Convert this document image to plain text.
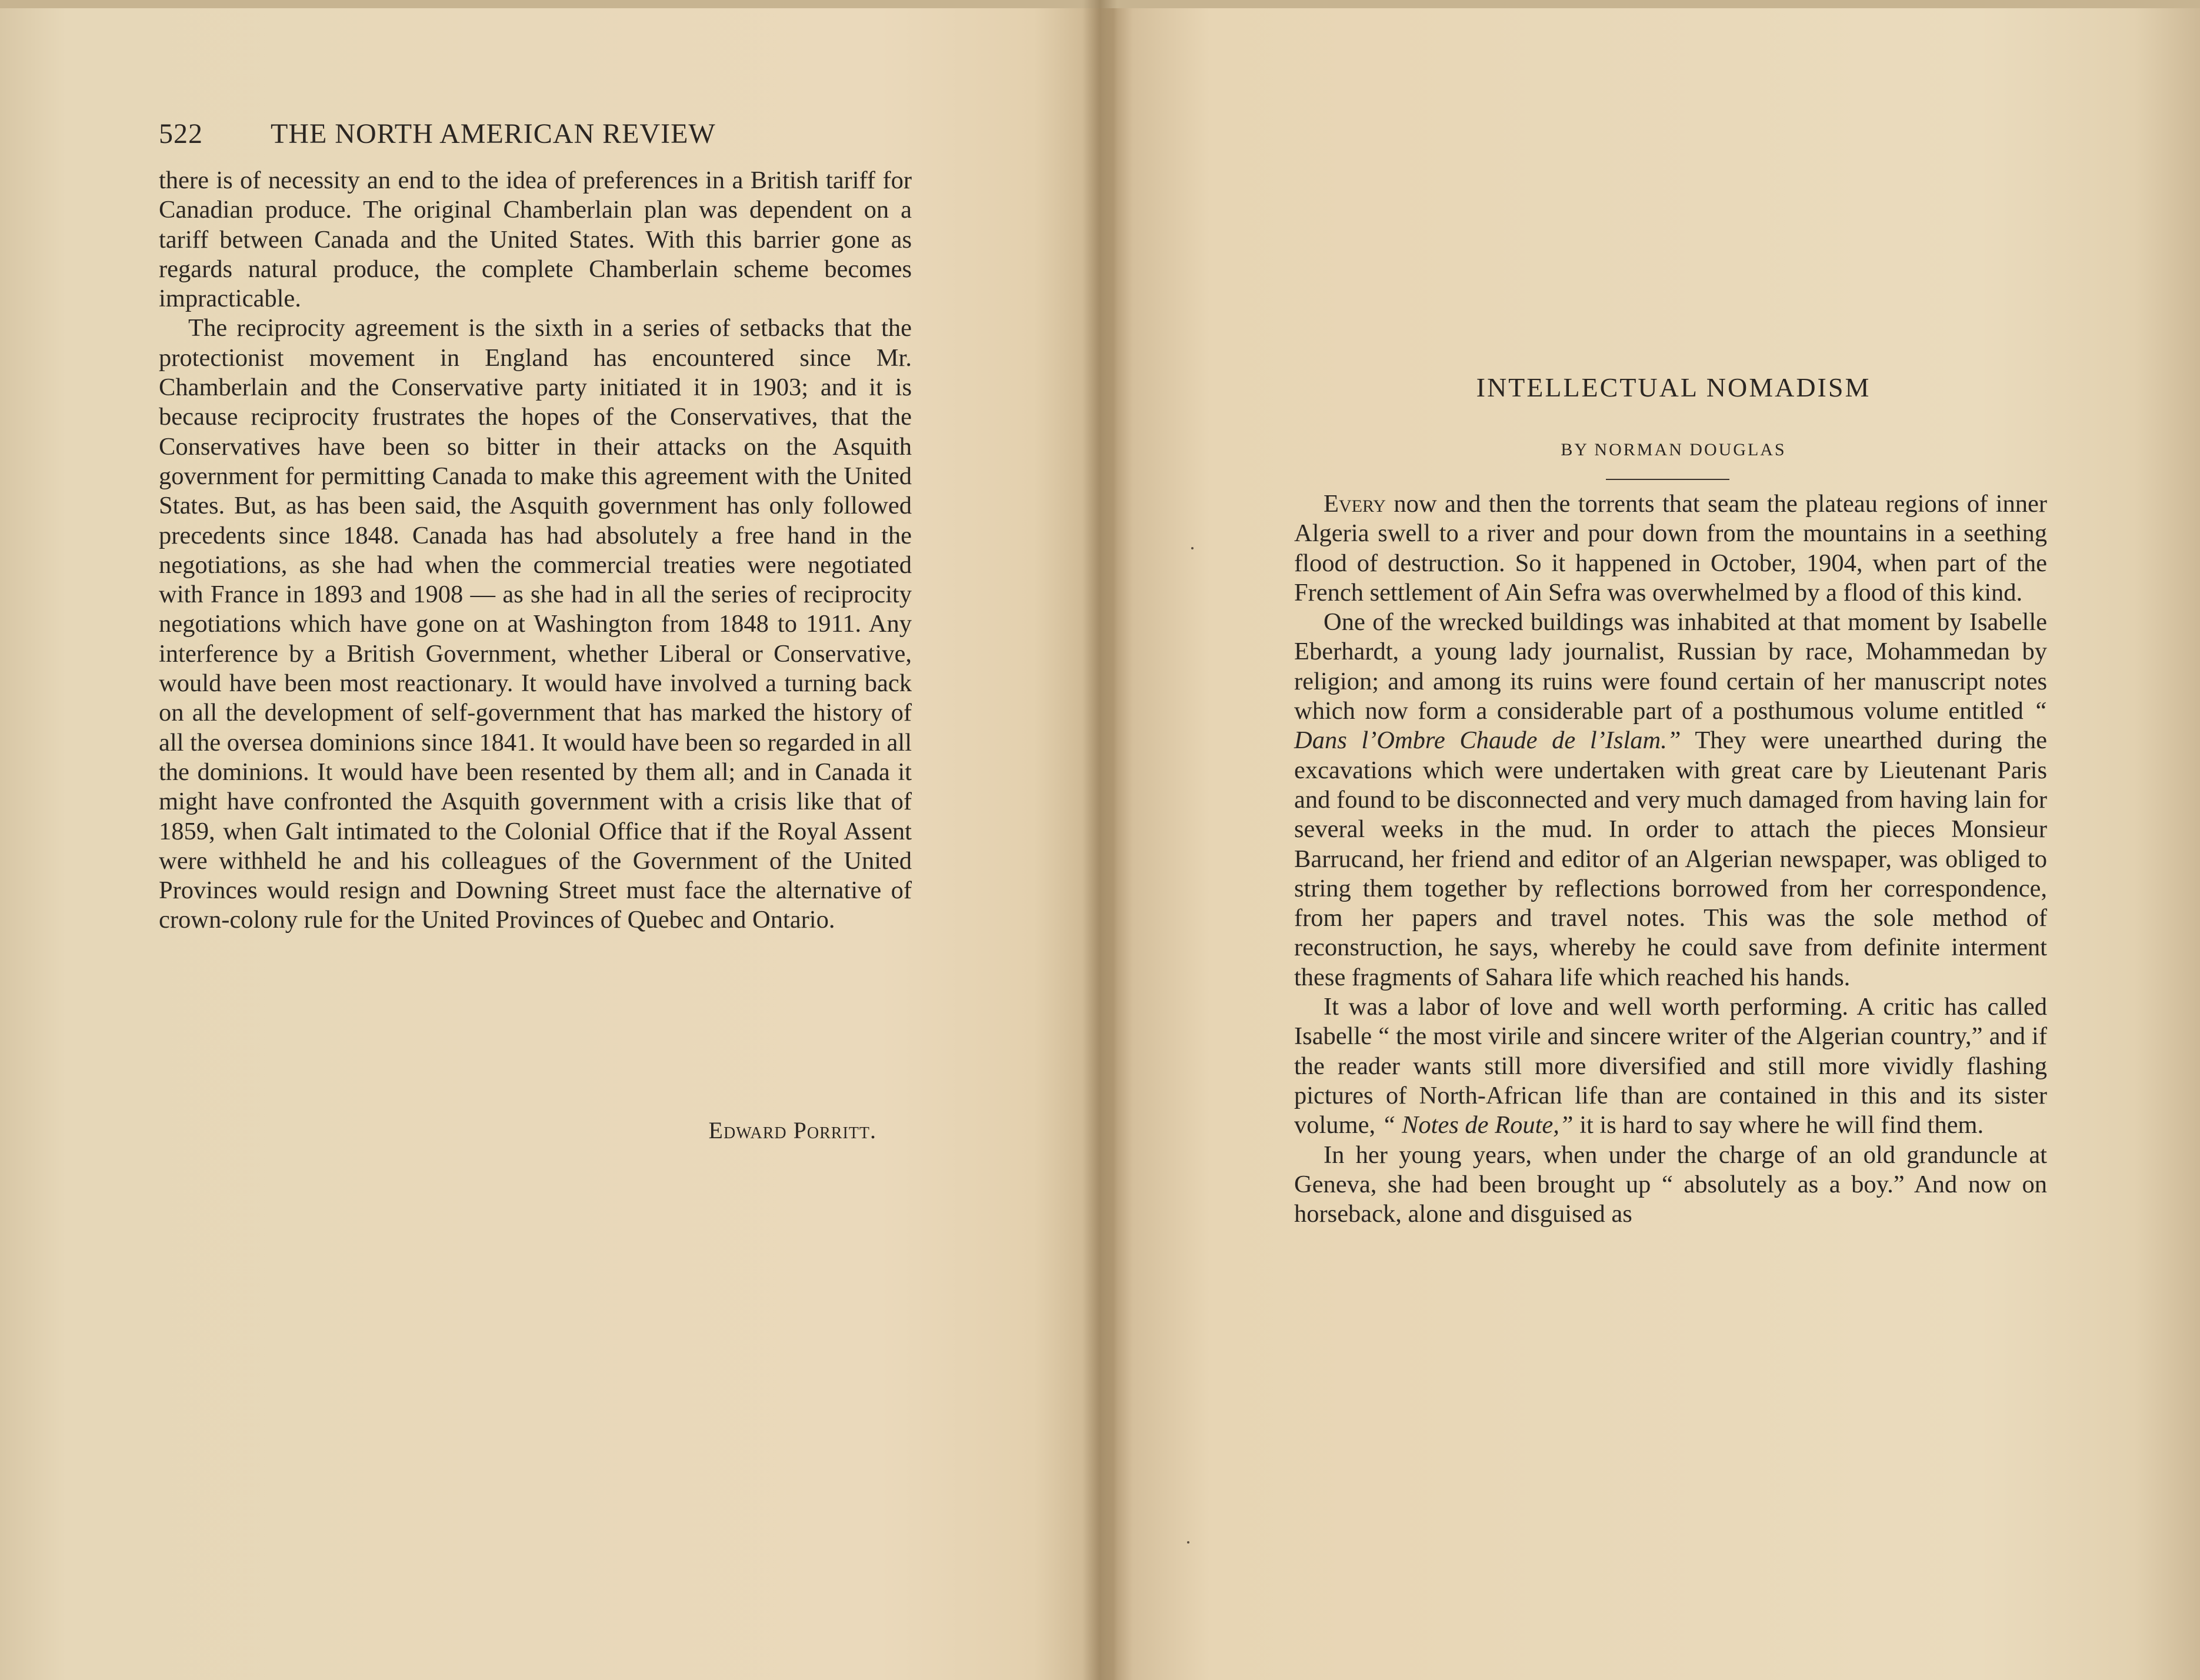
522 THE NORTH AMERICAN REVIEW

there is of necessity an end to the idea of preferences in a British tariff for Canadian produce. The original Chamberlain plan was dependent on a tariff between Canada and the United States. With this barrier gone as regards natural produce, the complete Chamberlain scheme becomes impracticable.

The reciprocity agreement is the sixth in a series of setbacks that the protectionist movement in England has encountered since Mr. Chamberlain and the Conservative party initiated it in 1903; and it is because reciprocity frustrates the hopes of the Conservatives, that the Conservatives have been so bitter in their attacks on the Asquith government for permitting Canada to make this agreement with the United States. But, as has been said, the Asquith government has only followed precedents since 1848. Canada has had absolutely a free hand in the negotiations, as she had when the commercial treaties were negotiated with France in 1893 and 1908 — as she had in all the series of reciprocity negotiations which have gone on at Washington from 1848 to 1911. Any interference by a British Government, whether Liberal or Conservative, would have been most reactionary. It would have involved a turning back on all the development of self-government that has marked the history of all the oversea dominions since 1841. It would have been so regarded in all the dominions. It would have been resented by them all; and in Canada it might have confronted the Asquith government with a crisis like that of 1859, when Galt intimated to the Colonial Office that if the Royal Assent were withheld he and his colleagues of the Government of the United Provinces would resign and Downing Street must face the alternative of crown-colony rule for the United Provinces of Quebec and Ontario.

Edward Porritt.
INTELLECTUAL NOMADISM
BY NORMAN DOUGLAS

Every now and then the torrents that seam the plateau regions of inner Algeria swell to a river and pour down from the mountains in a seething flood of destruction. So it happened in October, 1904, when part of the French settlement of Ain Sefra was overwhelmed by a flood of this kind.

One of the wrecked buildings was inhabited at that moment by Isabelle Eberhardt, a young lady journalist, Russian by race, Mohammedan by religion; and among its ruins were found certain of her manuscript notes which now form a considerable part of a posthumous volume entitled “ Dans l’Ombre Chaude de l’Islam.” They were unearthed during the excavations which were undertaken with great care by Lieutenant Paris and found to be disconnected and very much damaged from having lain for several weeks in the mud. In order to attach the pieces Monsieur Barrucand, her friend and editor of an Algerian newspaper, was obliged to string them together by reflections borrowed from her correspondence, from her papers and travel notes. This was the sole method of reconstruction, he says, whereby he could save from definite interment these fragments of Sahara life which reached his hands.

It was a labor of love and well worth performing. A critic has called Isabelle “ the most virile and sincere writer of the Algerian country,” and if the reader wants still more diversified and still more vividly flashing pictures of North-African life than are contained in this and its sister volume, “ Notes de Route,” it is hard to say where he will find them.

In her young years, when under the charge of an old granduncle at Geneva, she had been brought up “ absolutely as a boy.” And now on horseback, alone and disguised as
